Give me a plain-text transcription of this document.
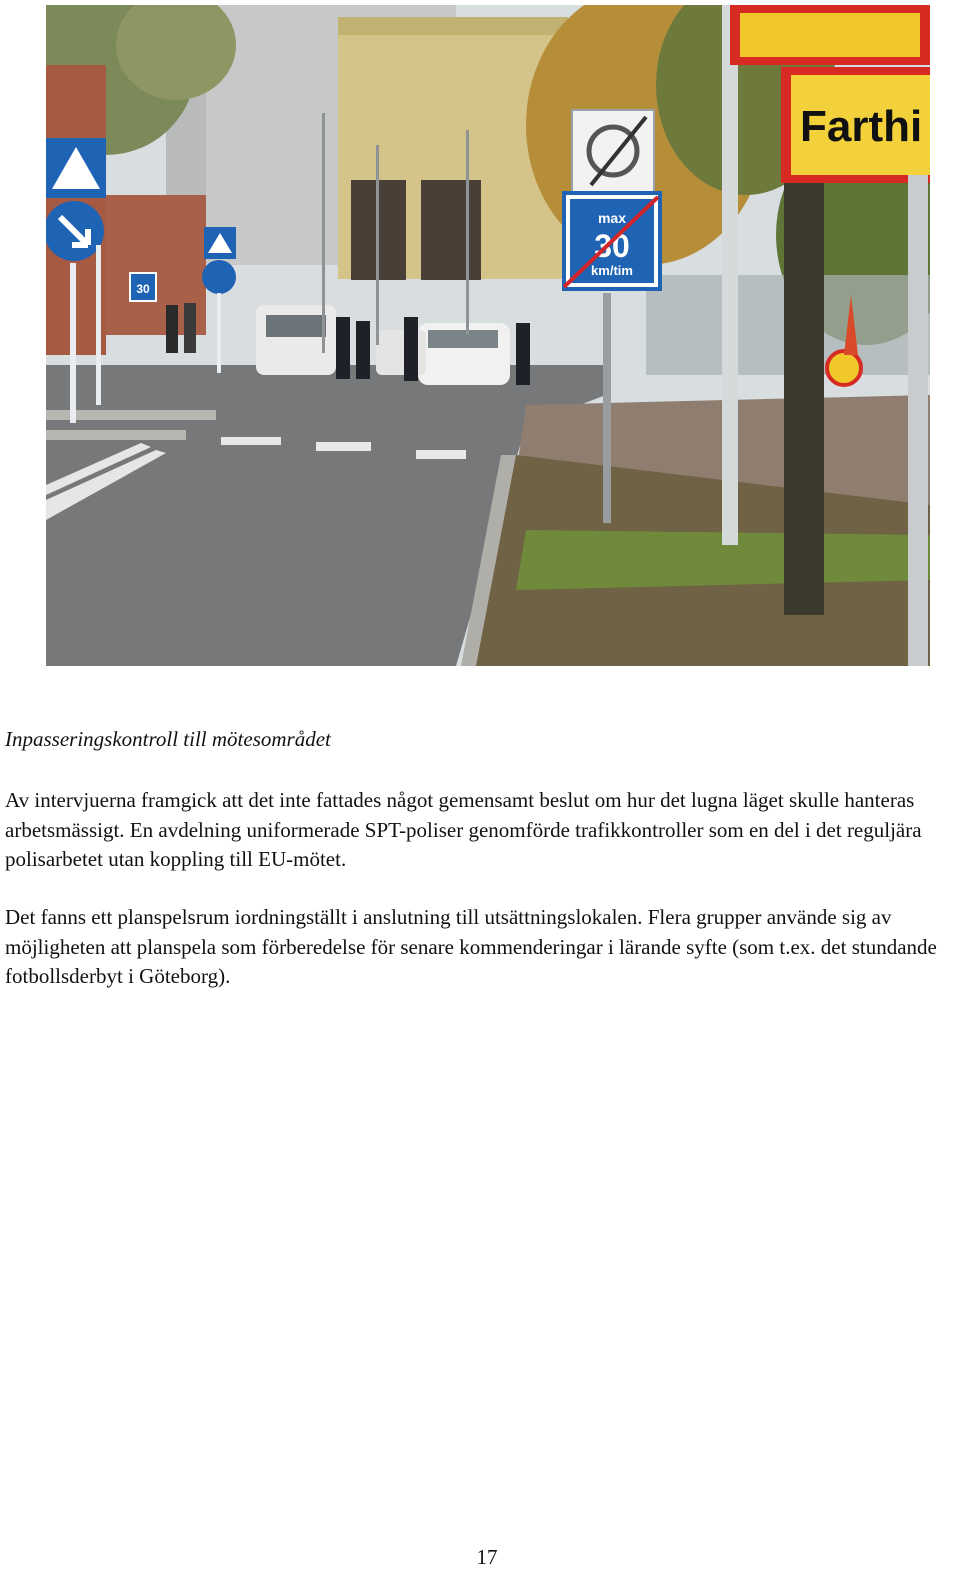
30
max
30
km/tim
Farthi

Inpasseringskontroll till mötesområdet

Av intervjuerna framgick att det inte fattades något gemensamt beslut om hur det lugna läget skulle hanteras arbetsmässigt. En avdelning uniformerade SPT-poliser genomförde trafikkontroller som en del i det reguljära polisarbetet utan koppling till EU-mötet.

Det fanns ett planspelsrum iordningställt i anslutning till utsättningslokalen. Flera grupper använde sig av möjligheten att planspela som förberedelse för senare kommenderingar i lärande syfte (som t.ex. det stundande fotbollsderbyt i Göteborg).

17
